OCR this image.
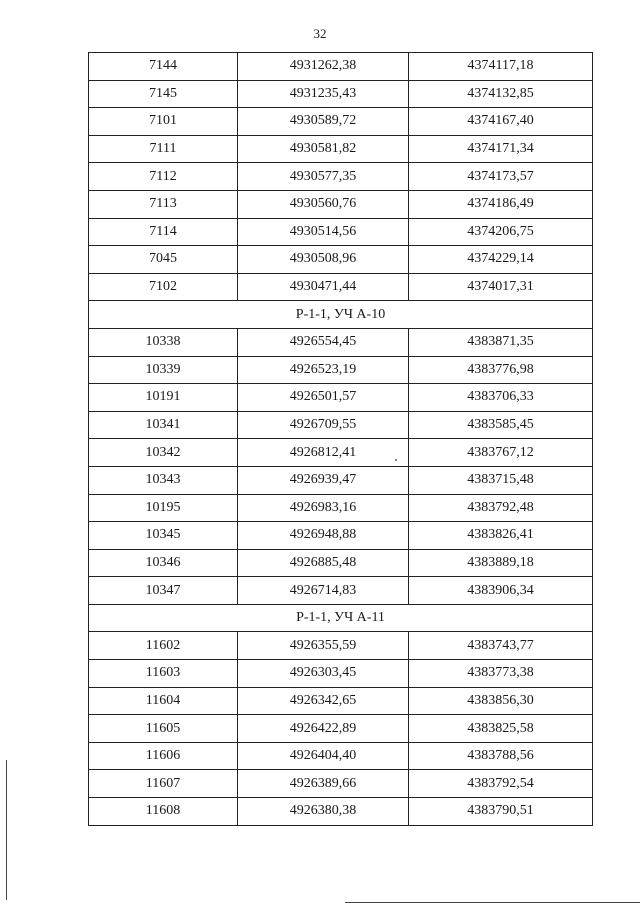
32
7144	4931262,38	4374117,18
7145	4931235,43	4374132,85
7101	4930589,72	4374167,40
7111	4930581,82	4374171,34
7112	4930577,35	4374173,57
7113	4930560,76	4374186,49
7114	4930514,56	4374206,75
7045	4930508,96	4374229,14
7102	4930471,44	4374017,31
Р-1-1, УЧ А-10		
10338	4926554,45	4383871,35
10339	4926523,19	4383776,98
10191	4926501,57	4383706,33
10341	4926709,55	4383585,45
10342	4926812,41	4383767,12
10343	4926939,47	4383715,48
10195	4926983,16	4383792,48
10345	4926948,88	4383826,41
10346	4926885,48	4383889,18
10347	4926714,83	4383906,34
Р-1-1, УЧ А-11		
11602	4926355,59	4383743,77
11603	4926303,45	4383773,38
11604	4926342,65	4383856,30
11605	4926422,89	4383825,58
11606	4926404,40	4383788,56
11607	4926389,66	4383792,54
11608	4926380,38	4383790,51
